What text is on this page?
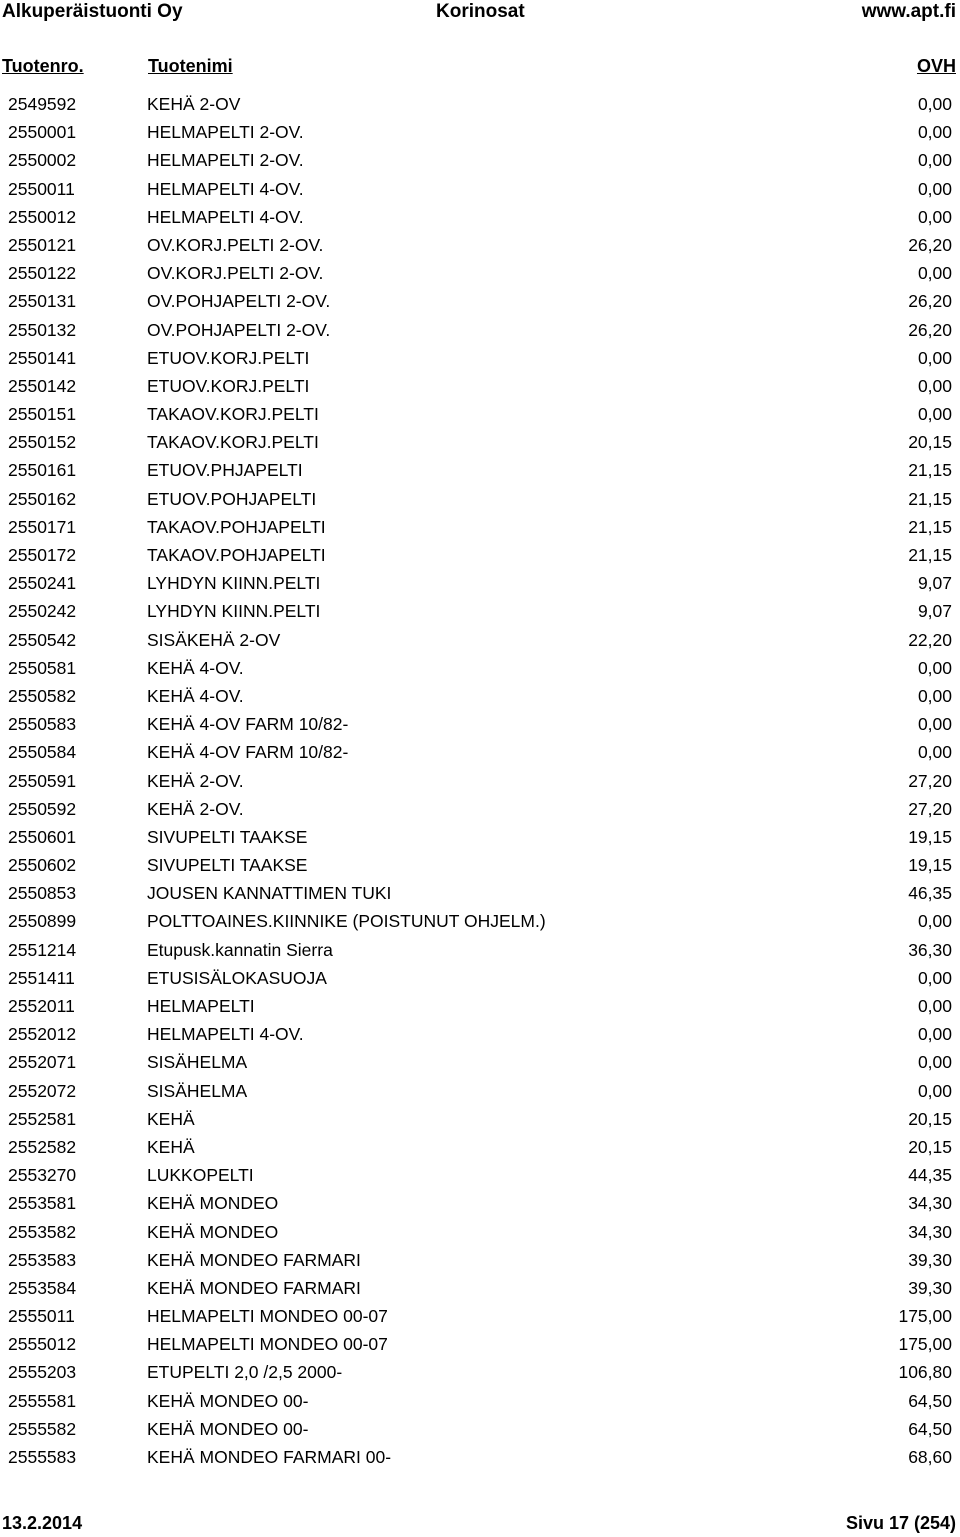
Alkuperäistuonti Oy	Korinosat	www.apt.fi
Tuotenro.	Tuotenimi	OVH
2549592	KEHÄ 2-OV	0,00
2550001	HELMAPELTI 2-OV.	0,00
2550002	HELMAPELTI 2-OV.	0,00
2550011	HELMAPELTI 4-OV.	0,00
2550012	HELMAPELTI 4-OV.	0,00
2550121	OV.KORJ.PELTI 2-OV.	26,20
2550122	OV.KORJ.PELTI 2-OV.	0,00
2550131	OV.POHJAPELTI 2-OV.	26,20
2550132	OV.POHJAPELTI 2-OV.	26,20
2550141	ETUOV.KORJ.PELTI	0,00
2550142	ETUOV.KORJ.PELTI	0,00
2550151	TAKAOV.KORJ.PELTI	0,00
2550152	TAKAOV.KORJ.PELTI	20,15
2550161	ETUOV.PHJAPELTI	21,15
2550162	ETUOV.POHJAPELTI	21,15
2550171	TAKAOV.POHJAPELTI	21,15
2550172	TAKAOV.POHJAPELTI	21,15
2550241	LYHDYN KIINN.PELTI	9,07
2550242	LYHDYN KIINN.PELTI	9,07
2550542	SISÄKEHÄ 2-OV	22,20
2550581	KEHÄ 4-OV.	0,00
2550582	KEHÄ 4-OV.	0,00
2550583	KEHÄ 4-OV FARM 10/82-	0,00
2550584	KEHÄ 4-OV FARM 10/82-	0,00
2550591	KEHÄ 2-OV.	27,20
2550592	KEHÄ 2-OV.	27,20
2550601	SIVUPELTI TAAKSE	19,15
2550602	SIVUPELTI TAAKSE	19,15
2550853	JOUSEN KANNATTIMEN TUKI	46,35
2550899	POLTTOAINES.KIINNIKE (POISTUNUT OHJELM.)	0,00
2551214	Etupusk.kannatin Sierra	36,30
2551411	ETUSISÄLOKASUOJA	0,00
2552011	HELMAPELTI	0,00
2552012	HELMAPELTI 4-OV.	0,00
2552071	SISÄHELMA	0,00
2552072	SISÄHELMA	0,00
2552581	KEHÄ	20,15
2552582	KEHÄ	20,15
2553270	LUKKOPELTI	44,35
2553581	KEHÄ MONDEO	34,30
2553582	KEHÄ MONDEO	34,30
2553583	KEHÄ MONDEO FARMARI	39,30
2553584	KEHÄ MONDEO FARMARI	39,30
2555011	HELMAPELTI MONDEO 00-07	175,00
2555012	HELMAPELTI MONDEO 00-07	175,00
2555203	ETUPELTI 2,0 /2,5 2000-	106,80
2555581	KEHÄ MONDEO 00-	64,50
2555582	KEHÄ MONDEO 00-	64,50
2555583	KEHÄ MONDEO FARMARI 00-	68,60
13.2.2014	Sivu 17 (254)
